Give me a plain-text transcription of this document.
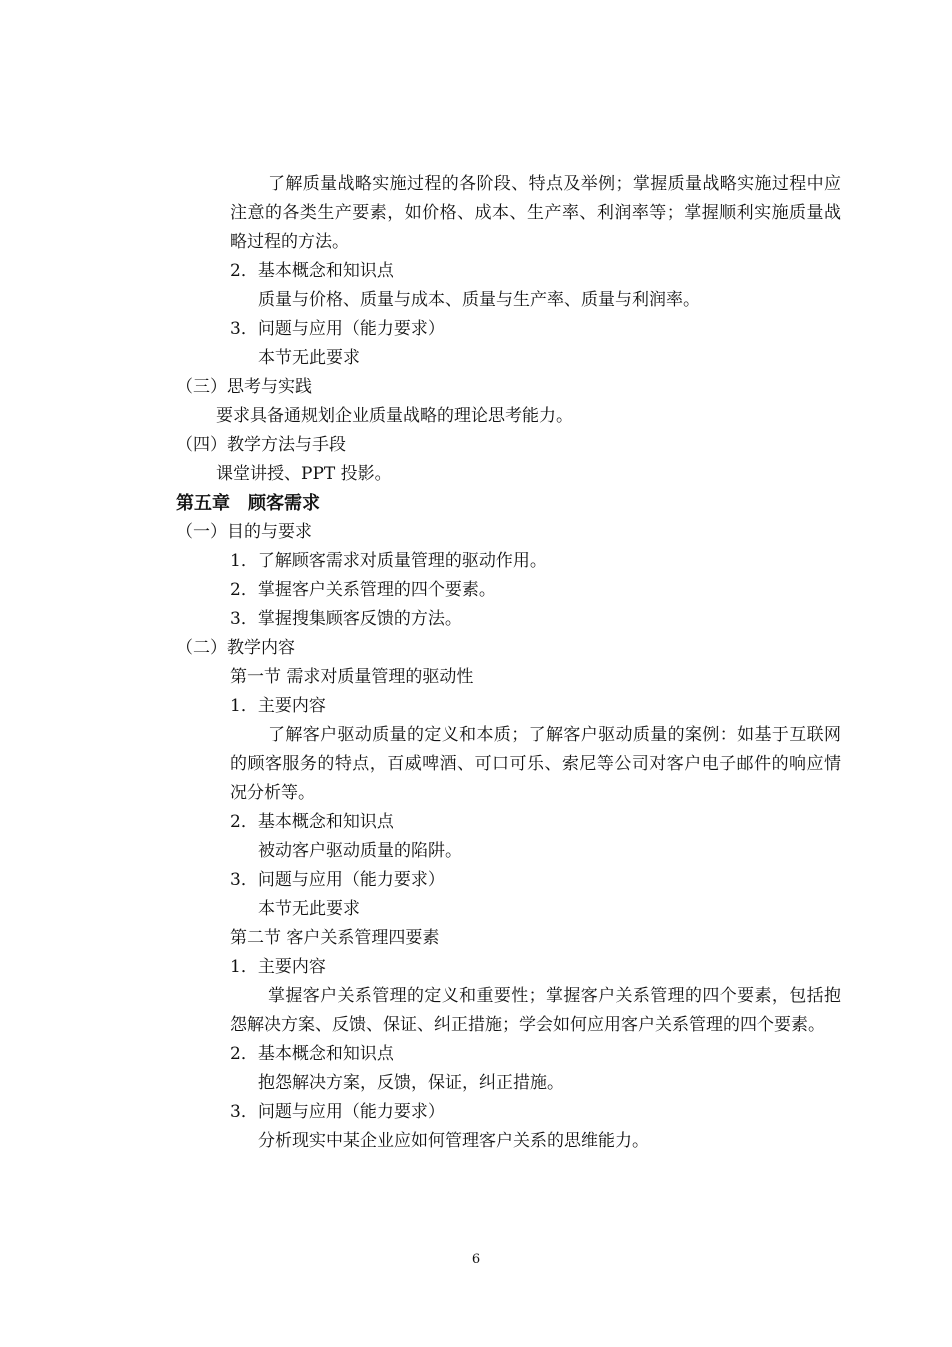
了解质量战略实施过程的各阶段、特点及举例；掌握质量战略实施过程中应注意的各类生产要素，如价格、成本、生产率、利润率等；掌握顺利实施质量战略过程的方法。
2．基本概念和知识点
质量与价格、质量与成本、质量与生产率、质量与利润率。
3．问题与应用（能力要求）
本节无此要求
（三）思考与实践
要求具备通规划企业质量战略的理论思考能力。
（四）教学方法与手段
课堂讲授、PPT 投影。
第五章　顾客需求
（一）目的与要求
1．了解顾客需求对质量管理的驱动作用。
2．掌握客户关系管理的四个要素。
3．掌握搜集顾客反馈的方法。
（二）教学内容
第一节 需求对质量管理的驱动性
1．主要内容
了解客户驱动质量的定义和本质；了解客户驱动质量的案例：如基于互联网的顾客服务的特点，百威啤酒、可口可乐、索尼等公司对客户电子邮件的响应情况分析等。
2．基本概念和知识点
被动客户驱动质量的陷阱。
3．问题与应用（能力要求）
本节无此要求
第二节 客户关系管理四要素
1．主要内容
掌握客户关系管理的定义和重要性；掌握客户关系管理的四个要素，包括抱怨解决方案、反馈、保证、纠正措施；学会如何应用客户关系管理的四个要素。
2．基本概念和知识点
抱怨解决方案，反馈，保证，纠正措施。
3．问题与应用（能力要求）
分析现实中某企业应如何管理客户关系的思维能力。
6
